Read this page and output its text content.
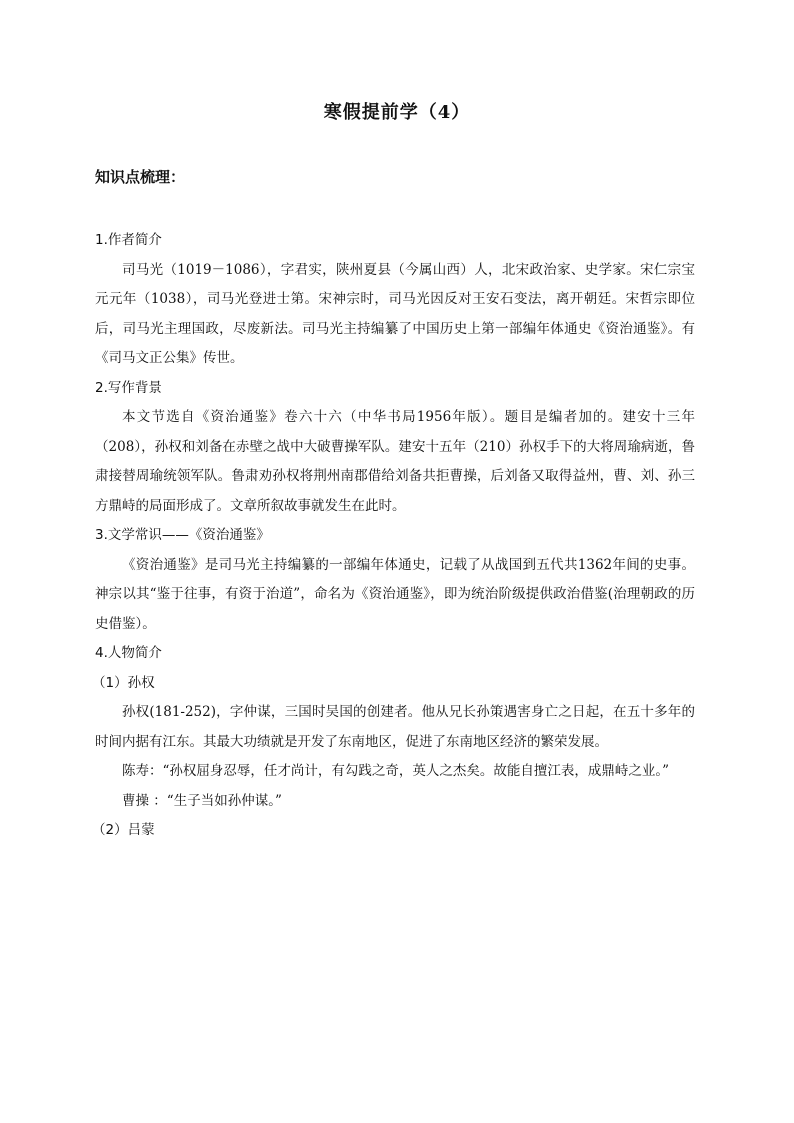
寒假提前学（4）
知识点梳理：

1.作者简介

司马光（1019－1086），字君实，陕州夏县（今属山西）人，北宋政治家、史学家。宋仁宗宝元元年（1038），司马光登进士第。宋神宗时，司马光因反对王安石变法，离开朝廷。宋哲宗即位后，司马光主理国政，尽废新法。司马光主持编纂了中国历史上第一部编年体通史《资治通鉴》。有《司马文正公集》传世。

2.写作背景

本文节选自《资治通鉴》卷六十六（中华书局1956年版）。题目是编者加的。建安十三年（208），孙权和刘备在赤壁之战中大破曹操军队。建安十五年（210）孙权手下的大将周瑜病逝，鲁肃接替周瑜统领军队。鲁肃劝孙权将荆州南郡借给刘备共拒曹操，后刘备又取得益州，曹、刘、孙三方鼎峙的局面形成了。文章所叙故事就发生在此时。

3.文学常识——《资治通鉴》

《资治通鉴》是司马光主持编纂的一部编年体通史，记载了从战国到五代共1362年间的史事。神宗以其“鉴于往事，有资于治道”，命名为《资治通鉴》，即为统治阶级提供政治借鉴(治理朝政的历史借鉴）。

4.人物简介

（1）孙权

孙权(181-252)，字仲谋，三国时吴国的创建者。他从兄长孙策遇害身亡之日起，在五十多年的时间内据有江东。其最大功绩就是开发了东南地区，促进了东南地区经济的繁荣发展。

陈寿：“孙权屈身忍辱，任才尚计，有勾践之奇，英人之杰矣。故能自擅江表，成鼎峙之业。”

曹操 ：“生子当如孙仲谋。”

（2）吕蒙
